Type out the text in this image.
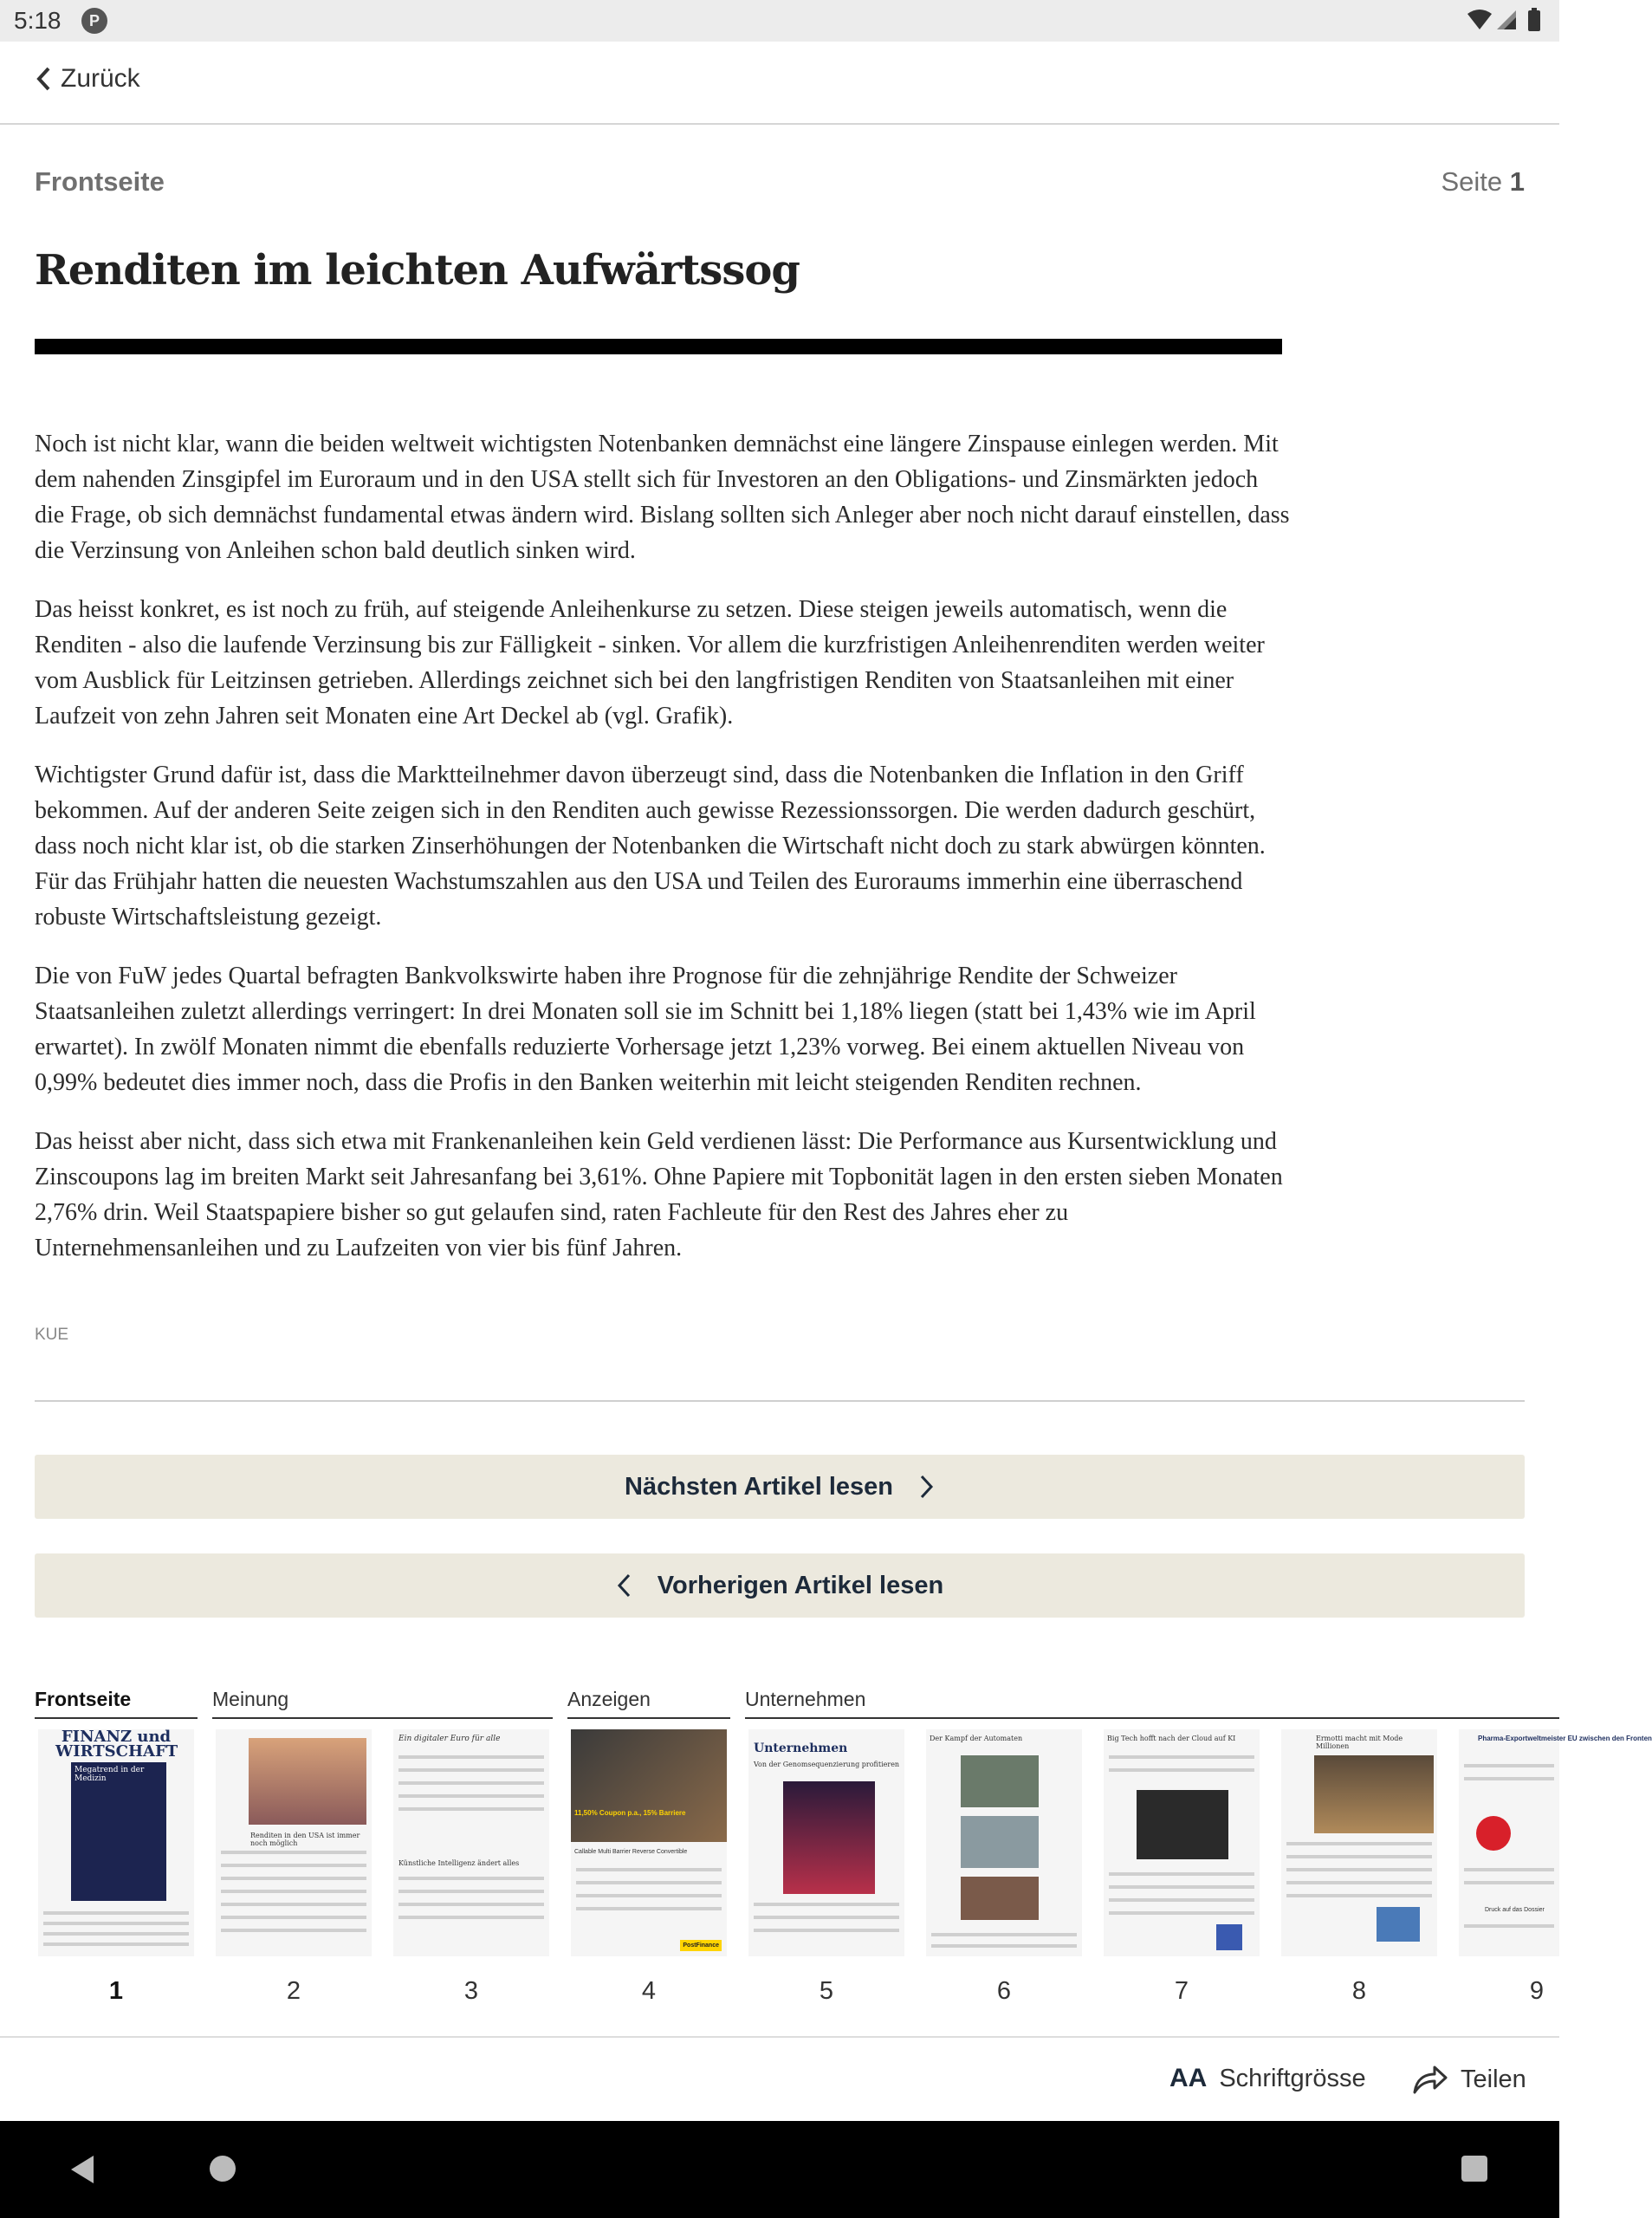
5:18	P
Zurück
Frontseite	Seite 1
Renditen im leichten Aufwärtssog

Noch ist nicht klar, wann die beiden weltweit wichtigsten Notenbanken demnächst eine längere Zinspause einlegen werden. Mit dem nahenden Zinsgipfel im Euroraum und in den USA stellt sich für Investoren an den Obligations- und Zinsmärkten jedoch die Frage, ob sich demnächst fundamental etwas ändern wird. Bislang sollten sich Anleger aber noch nicht darauf einstellen, dass die Verzinsung von Anleihen schon bald deutlich sinken wird.

Das heisst konkret, es ist noch zu früh, auf steigende Anleihenkurse zu setzen. Diese steigen jeweils automatisch, wenn die Renditen - also die laufende Verzinsung bis zur Fälligkeit - sinken. Vor allem die kurzfristigen Anleihenrenditen werden weiter vom Ausblick für Leitzinsen getrieben. Allerdings zeichnet sich bei den langfristigen Renditen von Staatsanleihen mit einer Laufzeit von zehn Jahren seit Monaten eine Art Deckel ab (vgl. Grafik).

Wichtigster Grund dafür ist, dass die Marktteilnehmer davon überzeugt sind, dass die Notenbanken die Inflation in den Griff bekommen. Auf der anderen Seite zeigen sich in den Renditen auch gewisse Rezessionssorgen. Die werden dadurch geschürt, dass noch nicht klar ist, ob die starken Zinserhöhungen der Notenbanken die Wirtschaft nicht doch zu stark abwürgen könnten. Für das Frühjahr hatten die neuesten Wachstumszahlen aus den USA und Teilen des Euroraums immerhin eine überraschend robuste Wirtschaftsleistung gezeigt.

Die von FuW jedes Quartal befragten Bankvolkswirte haben ihre Prognose für die zehnjährige Rendite der Schweizer Staatsanleihen zuletzt allerdings verringert: In drei Monaten soll sie im Schnitt bei 1,18% liegen (statt bei 1,43% wie im April erwartet). In zwölf Monaten nimmt die ebenfalls reduzierte Vorhersage jetzt 1,23% vorweg. Bei einem aktuellen Niveau von 0,99% bedeutet dies immer noch, dass die Profis in den Banken weiterhin mit leicht steigenden Renditen rechnen.

Das heisst aber nicht, dass sich etwa mit Frankenanleihen kein Geld verdienen lässt: Die Performance aus Kursentwicklung und Zinscoupons lag im breiten Markt seit Jahresanfang bei 3,61%. Ohne Papiere mit Topbonität lagen in den ersten sieben Monaten 2,76% drin. Weil Staatspapiere bisher so gut gelaufen sind, raten Fachleute für den Rest des Jahres eher zu Unternehmensanleihen und zu Laufzeiten von vier bis fünf Jahren.

KUE
Nächsten Artikel lesen
Vorherigen Artikel lesen
Frontseite	Meinung	Anzeigen	Unternehmen
FINANZ und WIRTSCHAFT
Megatrend in der Medizin
Renditen in den USA ist immer noch möglich
Ein digitaler Euro für alle
Künstliche Intelligenz ändert alles
11,50% Coupon p.a., 15% Barriere
Callable Multi Barrier Reverse Convertible
PostFinance
Unternehmen
Von der Genomsequenzierung profitieren
Der Kampf der Automaten	Big Tech hofft nach der Cloud auf KI	Ermotti macht mit Mode Millionen
Pharma-Exportweltmeister EU zwischen den Fronten
Druck auf das Dossier
1	2	3	4	5	6	7	8	9
AA Schriftgrösse	Teilen
